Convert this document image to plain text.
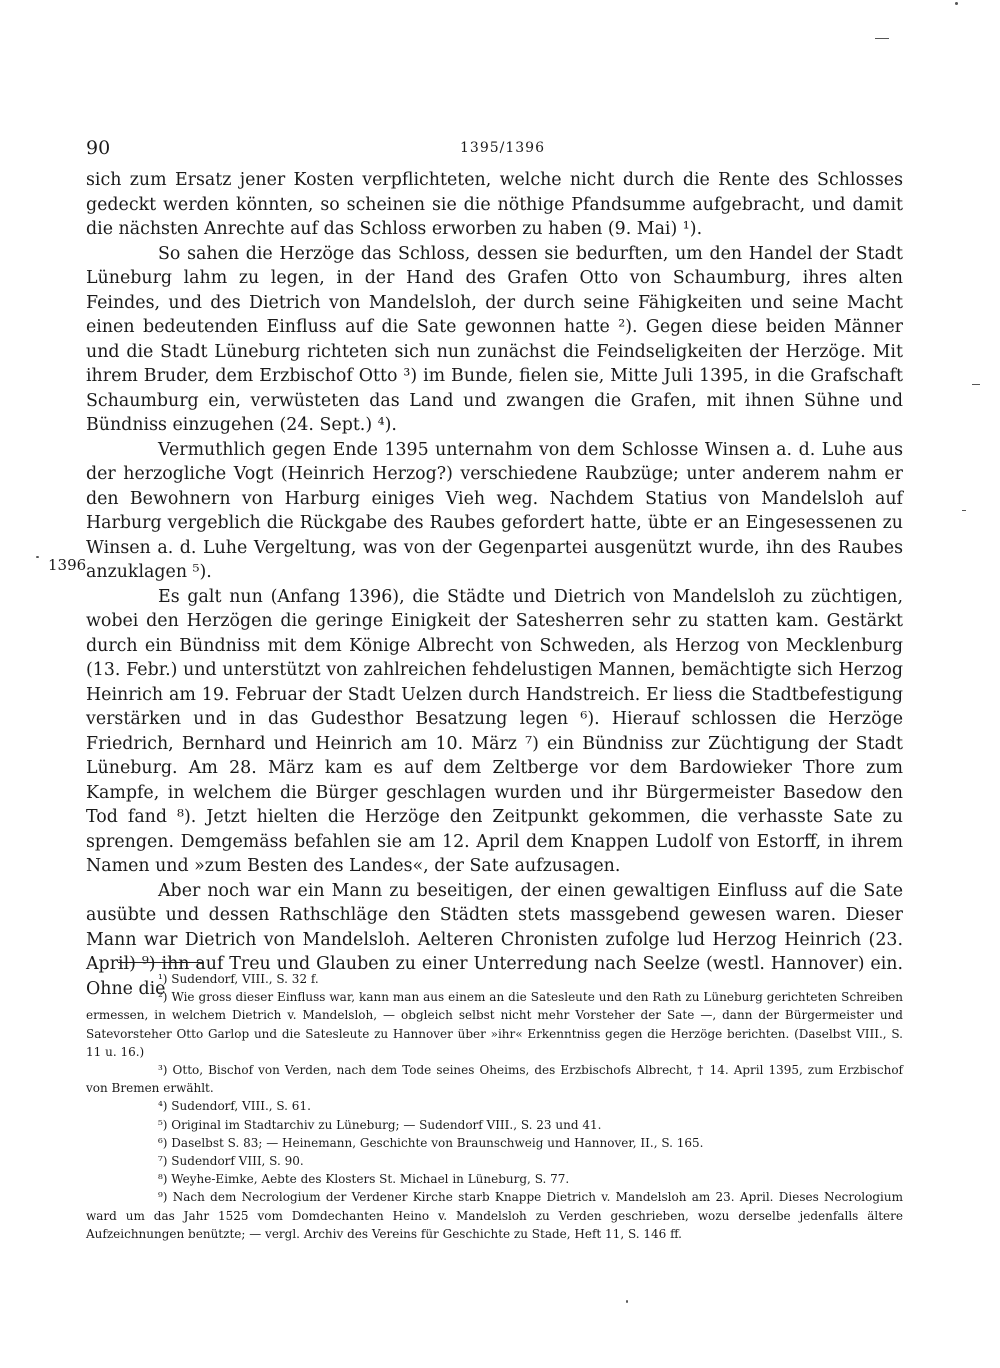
90	1395/1396
1396

sich zum Ersatz jener Kosten verpflichteten, welche nicht durch die Rente des Schlosses gedeckt werden könnten, so scheinen sie die nöthige Pfandsumme aufgebracht, und damit die nächsten Anrechte auf das Schloss erworben zu haben (9. Mai) ¹).

So sahen die Herzöge das Schloss, dessen sie bedurften, um den Handel der Stadt Lüneburg lahm zu legen, in der Hand des Grafen Otto von Schaumburg, ihres alten Feindes, und des Dietrich von Mandelsloh, der durch seine Fähigkeiten und seine Macht einen bedeutenden Einfluss auf die Sate gewonnen hatte ²). Gegen diese beiden Männer und die Stadt Lüneburg richteten sich nun zunächst die Feindseligkeiten der Herzöge. Mit ihrem Bruder, dem Erzbischof Otto ³) im Bunde, fielen sie, Mitte Juli 1395, in die Grafschaft Schaumburg ein, verwüsteten das Land und zwangen die Grafen, mit ihnen Sühne und Bündniss einzugehen (24. Sept.) ⁴).

Vermuthlich gegen Ende 1395 unternahm von dem Schlosse Winsen a. d. Luhe aus der herzogliche Vogt (Heinrich Herzog?) verschiedene Raubzüge; unter anderem nahm er den Bewohnern von Harburg einiges Vieh weg. Nachdem Statius von Mandelsloh auf Harburg vergeblich die Rückgabe des Raubes gefordert hatte, übte er an Eingesessenen zu Winsen a. d. Luhe Vergeltung, was von der Gegenpartei ausgenützt wurde, ihn des Raubes anzuklagen ⁵).

Es galt nun (Anfang 1396), die Städte und Dietrich von Mandelsloh zu züchtigen, wobei den Herzögen die geringe Einigkeit der Satesherren sehr zu statten kam. Gestärkt durch ein Bündniss mit dem Könige Albrecht von Schweden, als Herzog von Mecklenburg (13. Febr.) und unterstützt von zahlreichen fehdelustigen Mannen, bemächtigte sich Herzog Heinrich am 19. Februar der Stadt Uelzen durch Handstreich. Er liess die Stadtbefestigung verstärken und in das Gudesthor Besatzung legen ⁶). Hierauf schlossen die Herzöge Friedrich, Bernhard und Heinrich am 10. März ⁷) ein Bündniss zur Züchtigung der Stadt Lüneburg. Am 28. März kam es auf dem Zeltberge vor dem Bardowieker Thore zum Kampfe, in welchem die Bürger geschlagen wurden und ihr Bürgermeister Basedow den Tod fand ⁸). Jetzt hielten die Herzöge den Zeitpunkt gekommen, die verhasste Sate zu sprengen. Demgemäss befahlen sie am 12. April dem Knappen Ludolf von Estorff, in ihrem Namen und »zum Besten des Landes«, der Sate aufzusagen.

Aber noch war ein Mann zu beseitigen, der einen gewaltigen Einfluss auf die Sate ausübte und dessen Rathschläge den Städten stets massgebend gewesen waren. Dieser Mann war Dietrich von Mandelsloh. Aelteren Chronisten zufolge lud Herzog Heinrich (23. April) ⁹) ihn auf Treu und Glauben zu einer Unterredung nach Seelze (westl. Hannover) ein. Ohne die

¹) Sudendorf, VIII., S. 32 f.

²) Wie gross dieser Einfluss war, kann man aus einem an die Satesleute und den Rath zu Lüneburg gerichteten Schreiben ermessen, in welchem Dietrich v. Mandelsloh, — obgleich selbst nicht mehr Vorsteher der Sate —, dann der Bürgermeister und Satevorsteher Otto Garlop und die Satesleute zu Hannover über »ihr« Erkenntniss gegen die Herzöge berichten. (Daselbst VIII., S. 11 u. 16.)

³) Otto, Bischof von Verden, nach dem Tode seines Oheims, des Erzbischofs Albrecht, † 14. April 1395, zum Erzbischof von Bremen erwählt.

⁴) Sudendorf, VIII., S. 61.

⁵) Original im Stadtarchiv zu Lüneburg; — Sudendorf VIII., S. 23 und 41.

⁶) Daselbst S. 83; — Heinemann, Geschichte von Braunschweig und Hannover, II., S. 165.

⁷) Sudendorf VIII, S. 90.

⁸) Weyhe-Eimke, Aebte des Klosters St. Michael in Lüneburg, S. 77.

⁹) Nach dem Necrologium der Verdener Kirche starb Knappe Dietrich v. Mandelsloh am 23. April. Dieses Necrologium ward um das Jahr 1525 vom Domdechanten Heino v. Mandelsloh zu Verden geschrieben, wozu derselbe jedenfalls ältere Aufzeichnungen benützte; — vergl. Archiv des Vereins für Geschichte zu Stade, Heft 11, S. 146 ff.
